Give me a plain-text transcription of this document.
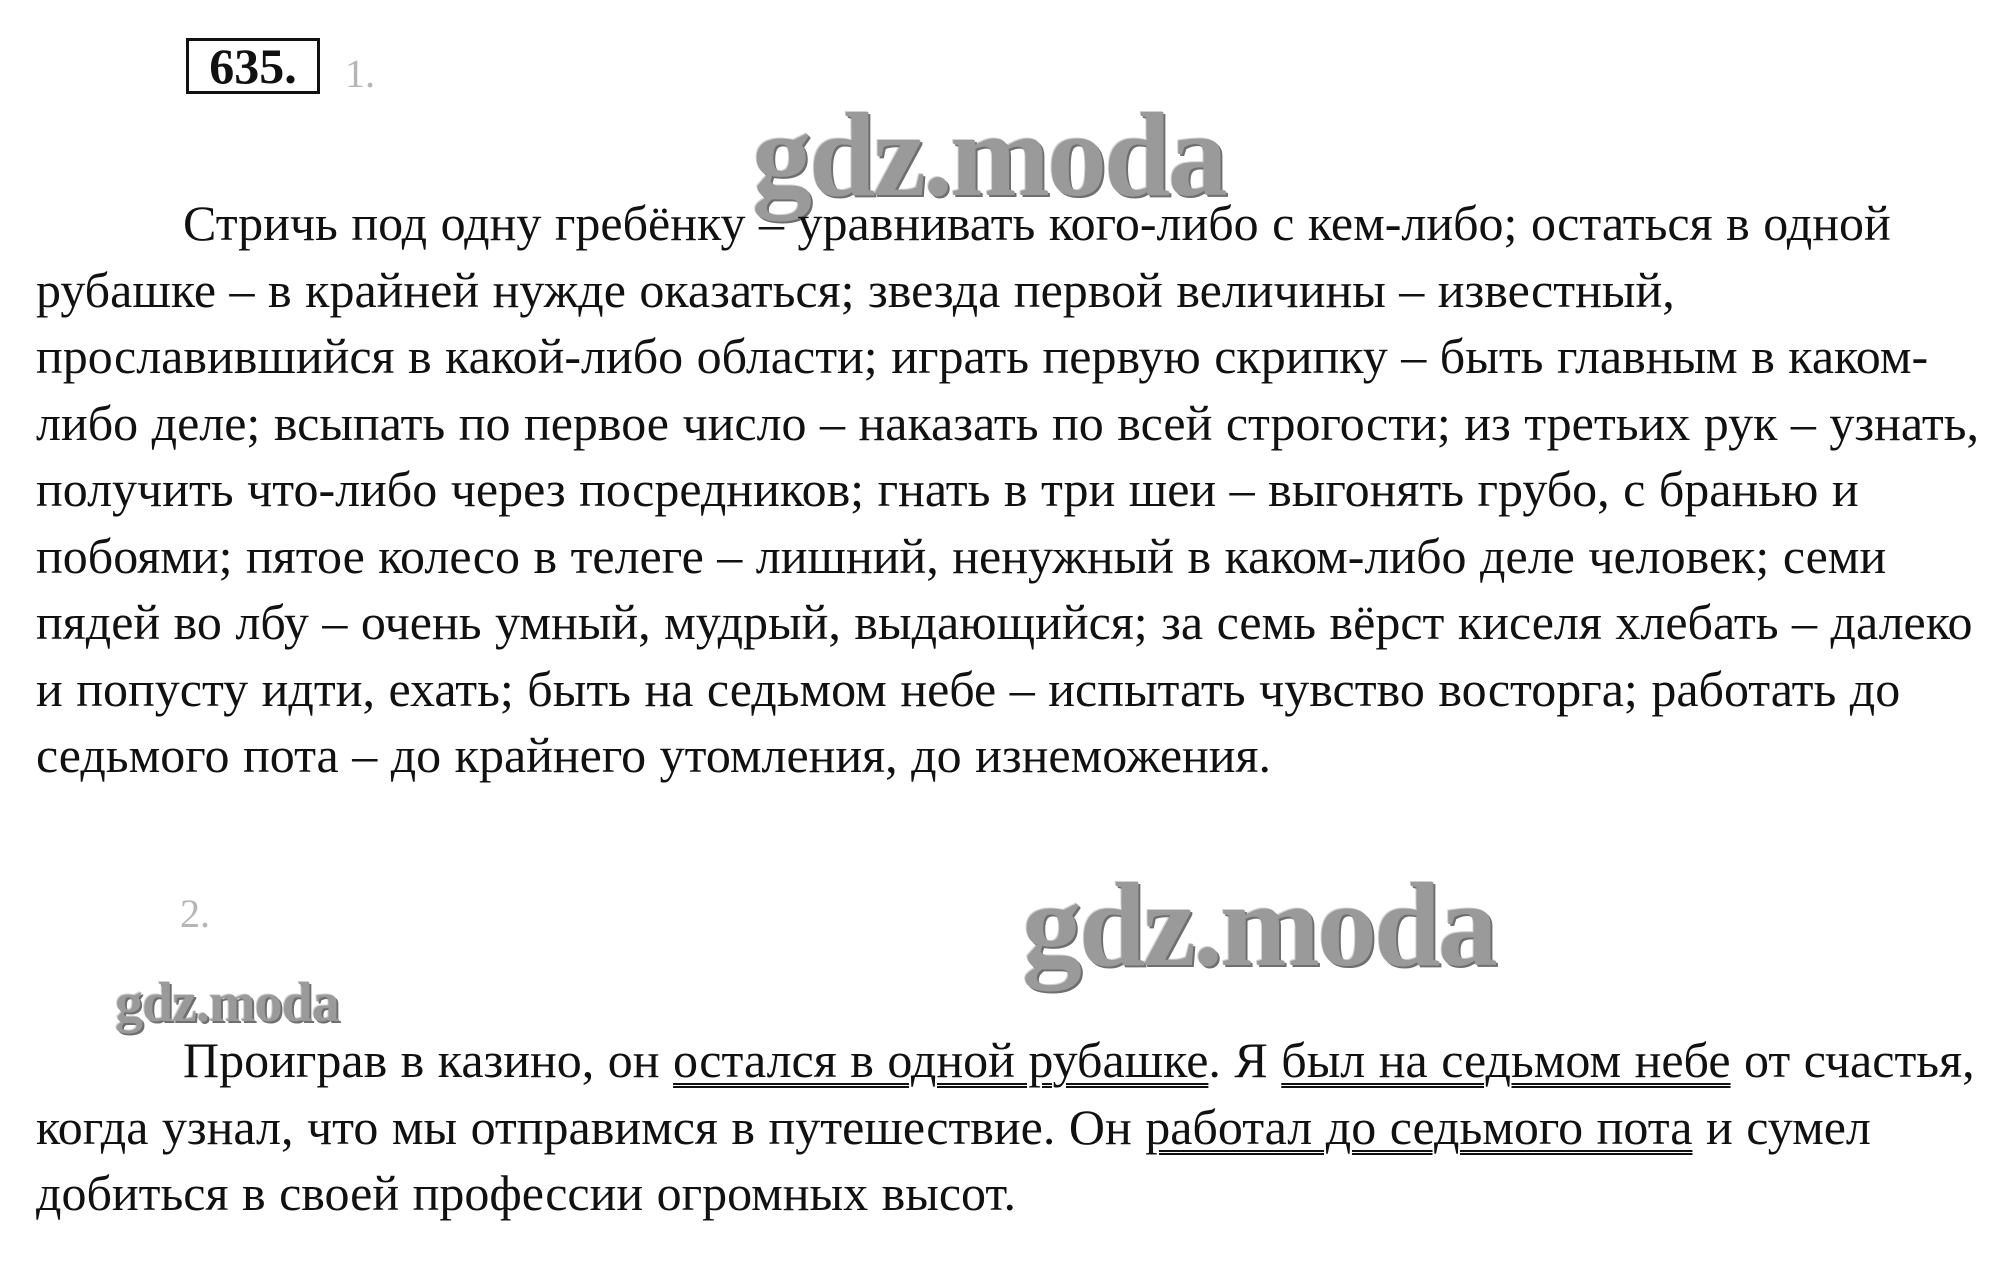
635.	1.
gdz.moda

Стричь под одну гребёнку – уравнивать кого-либо с кем-либо; остаться в одной рубашке – в крайней нужде оказаться; звезда первой величины – известный, прославившийся в какой-либо области; играть первую скрипку – быть главным в каком-либо деле; всыпать по первое число – наказать по всей строгости; из третьих рук – узнать, получить что-либо через посредников; гнать в три шеи – выгонять грубо, с бранью и побоями; пятое колесо в телеге – лишний, ненужный в каком-либо деле человек; семи пядей во лбу – очень умный, мудрый, выдающийся; за семь вёрст киселя хлебать – далеко и попусту идти, ехать; быть на седьмом небе – испытать чувство восторга; работать до седьмого пота – до крайнего утомления, до изнеможения.

2.	gdz.moda
gdz.moda

Проиграв в казино, он остался в одной рубашке. Я был на седьмом небе от счастья, когда узнал, что мы отправимся в путешествие. Он работал до седьмого пота и сумел добиться в своей профессии огромных высот.
